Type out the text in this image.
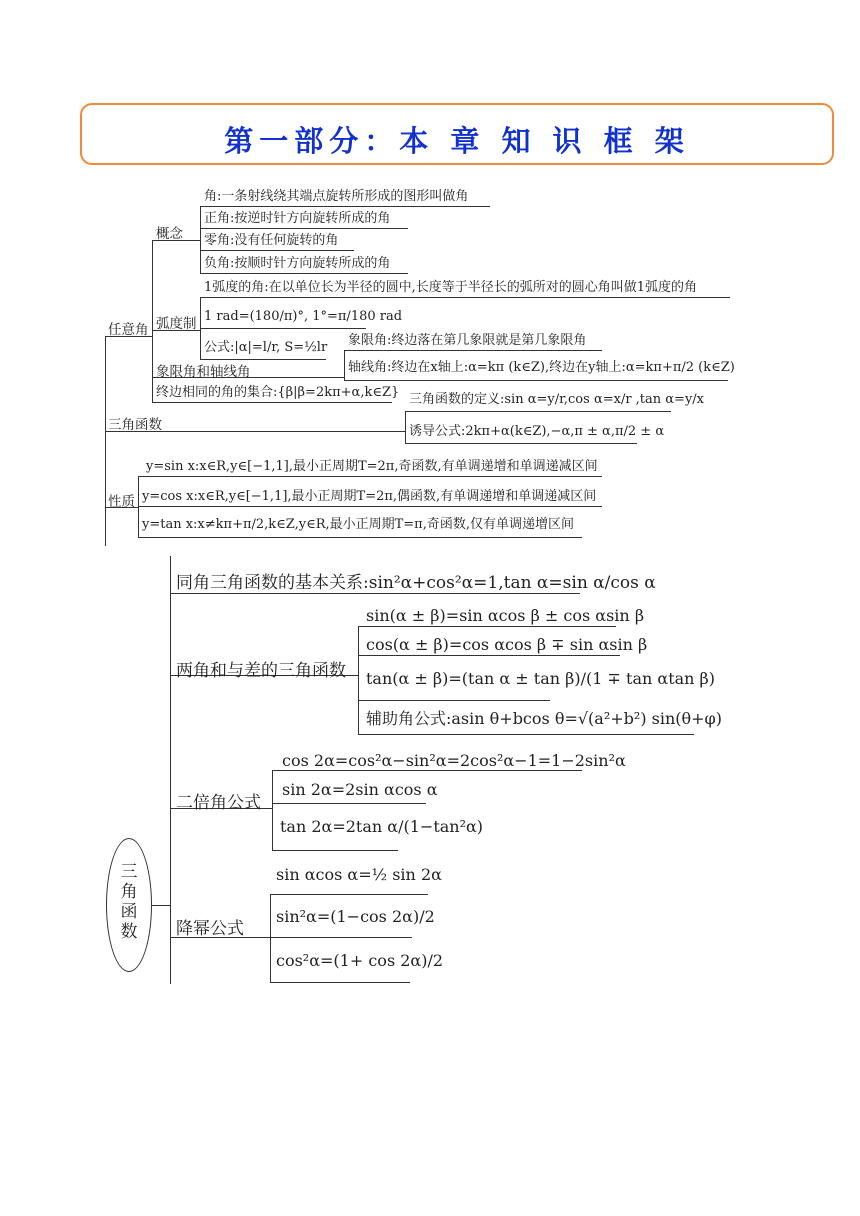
第一部分：本 章 知 识 框 架
任意角
概念
角:一条射线绕其端点旋转所形成的图形叫做角
正角:按逆时针方向旋转所成的角
零角:没有任何旋转的角
负角:按顺时针方向旋转所成的角
弧度制
1弧度的角:在以单位长为半径的圆中,长度等于半径长的弧所对的圆心角叫做1弧度的角
1 rad=(180/π)°, 1°=π/180 rad
公式:|α|=l/r, S=½lr
象限角和轴线角
象限角:终边落在第几象限就是第几象限角
轴线角:终边在x轴上:α=kπ (k∈Z),终边在y轴上:α=kπ+π/2 (k∈Z)
终边相同的角的集合:{β|β=2kπ+α,k∈Z}
三角函数
三角函数的定义:sin α=y/r,cos α=x/r ,tan α=y/x
诱导公式:2kπ+α(k∈Z),−α,π ± α,π/2 ± α
性质
y=sin x:x∈R,y∈[−1,1],最小正周期T=2π,奇函数,有单调递增和单调递减区间
y=cos x:x∈R,y∈[−1,1],最小正周期T=2π,偶函数,有单调递增和单调递减区间
y=tan x:x≠kπ+π/2,k∈Z,y∈R,最小正周期T=π,奇函数,仅有单调递增区间
三角函数
同角三角函数的基本关系:sin²α+cos²α=1,tan α=sin α/cos α
两角和与差的三角函数
sin(α ± β)=sin αcos β ± cos αsin β
cos(α ± β)=cos αcos β ∓ sin αsin β
tan(α ± β)=(tan α ± tan β)/(1 ∓ tan αtan β)
辅助角公式:asin θ+bcos θ=√(a²+b²) sin(θ+φ)
二倍角公式
cos 2α=cos²α−sin²α=2cos²α−1=1−2sin²α
sin 2α=2sin αcos α
tan 2α=2tan α/(1−tan²α)
降幂公式
sin αcos α=½ sin 2α
sin²α=(1−cos 2α)/2
cos²α=(1+ cos 2α)/2
